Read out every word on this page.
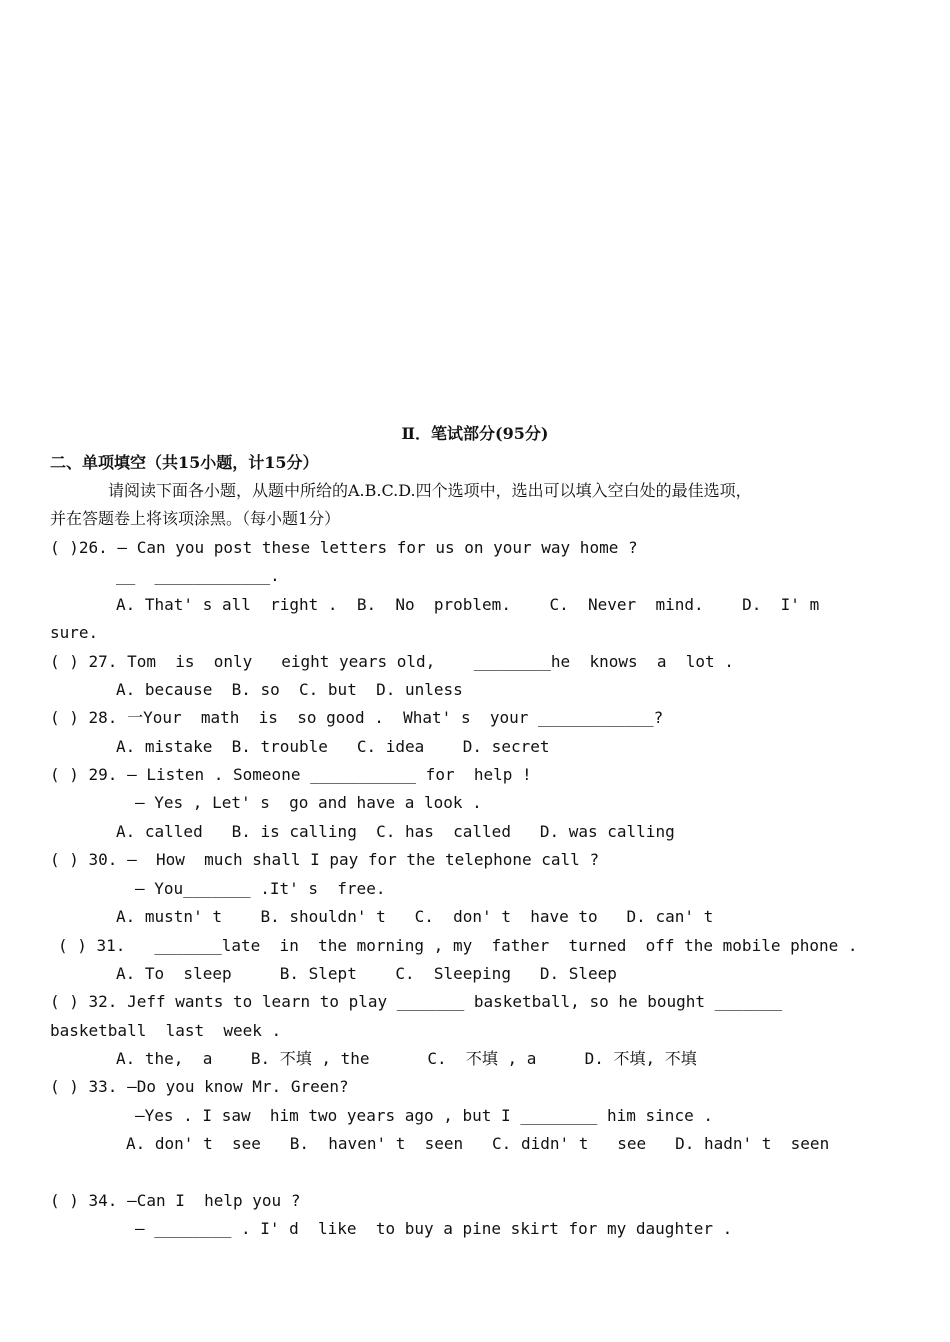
Ⅱ．笔试部分(95分)
二、单项填空（共15小题，计15分）
请阅读下面各小题，从题中所给的A.B.C.D.四个选项中，选出可以填入空白处的最佳选项，
并在答题卷上将该项涂黑。（每小题1分）
( )26. — Can you post these letters for us on your way home ?
__  ____________.
A. That' s all  right .  B.  No  problem.    C.  Never  mind.    D.  I' m
sure.
( ) 27. Tom  is  only   eight years old,    ________he  knows  a  lot .
A. because  B. so  C. but  D. unless
( ) 28. 一Your  math  is  so good .  What' s  your ____________?
A. mistake  B. trouble   C. idea    D. secret
( ) 29. — Listen . Someone ___________ for  help !
— Yes , Let' s  go and have a look .
A. called   B. is calling  C. has  called   D. was calling
( ) 30. —  How  much shall I pay for the telephone call ?
— You_______ .It' s  free.
A. mustn' t    B. shouldn' t   C.  don' t  have to   D. can' t
( ) 31.   _______late  in  the morning , my  father  turned  off the mobile phone .
A. To  sleep     B. Slept    C.  Sleeping   D. Sleep
( ) 32. Jeff wants to learn to play _______ basketball, so he bought _______
basketball  last  week .
A. the,  a    B. 不填 , the      C.  不填 , a     D. 不填, 不填
( ) 33. —Do you know Mr. Green?
—Yes . I saw  him two years ago , but I ________ him since .
A. don' t  see   B.  haven' t  seen   C. didn' t   see   D. hadn' t  seen
( ) 34. —Can I  help you ?
— ________ . I' d  like  to buy a pine skirt for my daughter .
